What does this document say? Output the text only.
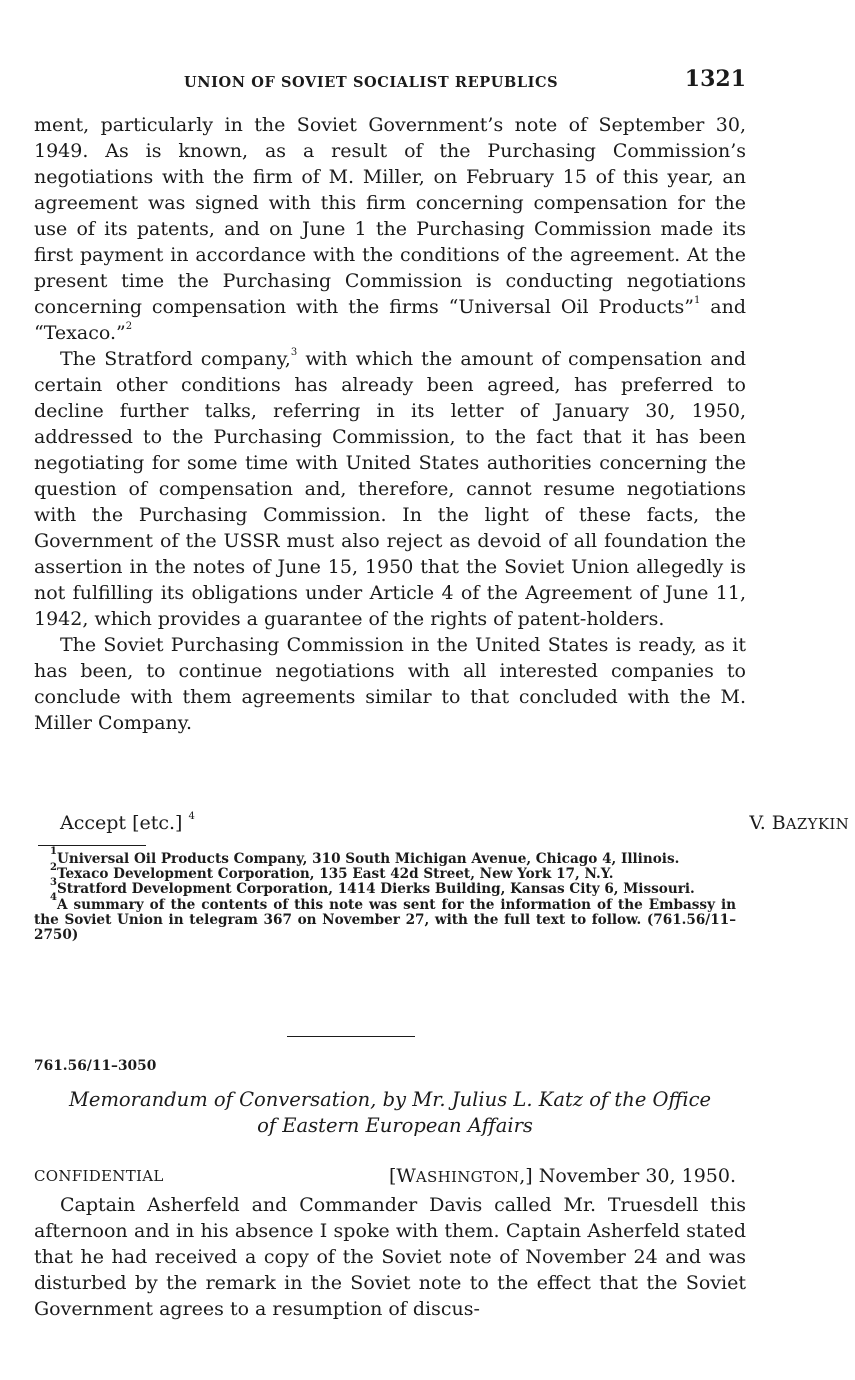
UNION OF SOVIET SOCIALIST REPUBLICS	1321

ment, particularly in the Soviet Government’s note of September 30, 1949. As is known, as a result of the Purchasing Commission’s negotiations with the firm of M. Miller, on February 15 of this year, an agreement was signed with this firm concerning compensation for the use of its patents, and on June 1 the Purchasing Commission made its first payment in accordance with the conditions of the agreement. At the present time the Purchasing Commission is conducting negotiations concerning compensation with the firms “Universal Oil Products”$^1$ and “Texaco.”$^2$

The Stratford company,$^3$ with which the amount of compensation and certain other conditions has already been agreed, has preferred to decline further talks, referring in its letter of January 30, 1950, addressed to the Purchasing Commission, to the fact that it has been negotiating for some time with United States authorities concerning the question of compensation and, therefore, cannot resume negotiations with the Purchasing Commission. In the light of these facts, the Government of the USSR must also reject as devoid of all foundation the assertion in the notes of June 15, 1950 that the Soviet Union allegedly is not fulfilling its obligations under Article 4 of the Agreement of June 11, 1942, which provides a guarantee of the rights of patent-holders.

The Soviet Purchasing Commission in the United States is ready, as it has been, to continue negotiations with all interested companies to conclude with them agreements similar to that concluded with the M. Miller Company.

Accept [etc.] $^4$	V. BAZYKIN

$^1$Universal Oil Products Company, 310 South Michigan Avenue, Chicago 4, Illinois.

$^2$Texaco Development Corporation, 135 East 42d Street, New York 17, N.Y.

$^3$Stratford Development Corporation, 1414 Dierks Building, Kansas City 6, Missouri.

$^4$A summary of the contents of this note was sent for the information of the Embassy in the Soviet Union in telegram 367 on November 27, with the full text to follow. (761.56/11–2750)

761.56/11–3050
Memorandum of Conversation, by Mr. Julius L. Katz of the Office
of Eastern European Affairs
CONFIDENTIAL	[WASHINGTON,] November 30, 1950.

Captain Asherfeld and Commander Davis called Mr. Truesdell this afternoon and in his absence I spoke with them. Captain Asherfeld stated that he had received a copy of the Soviet note of November 24 and was disturbed by the remark in the Soviet note to the effect that the Soviet Government agrees to a resumption of discus-
